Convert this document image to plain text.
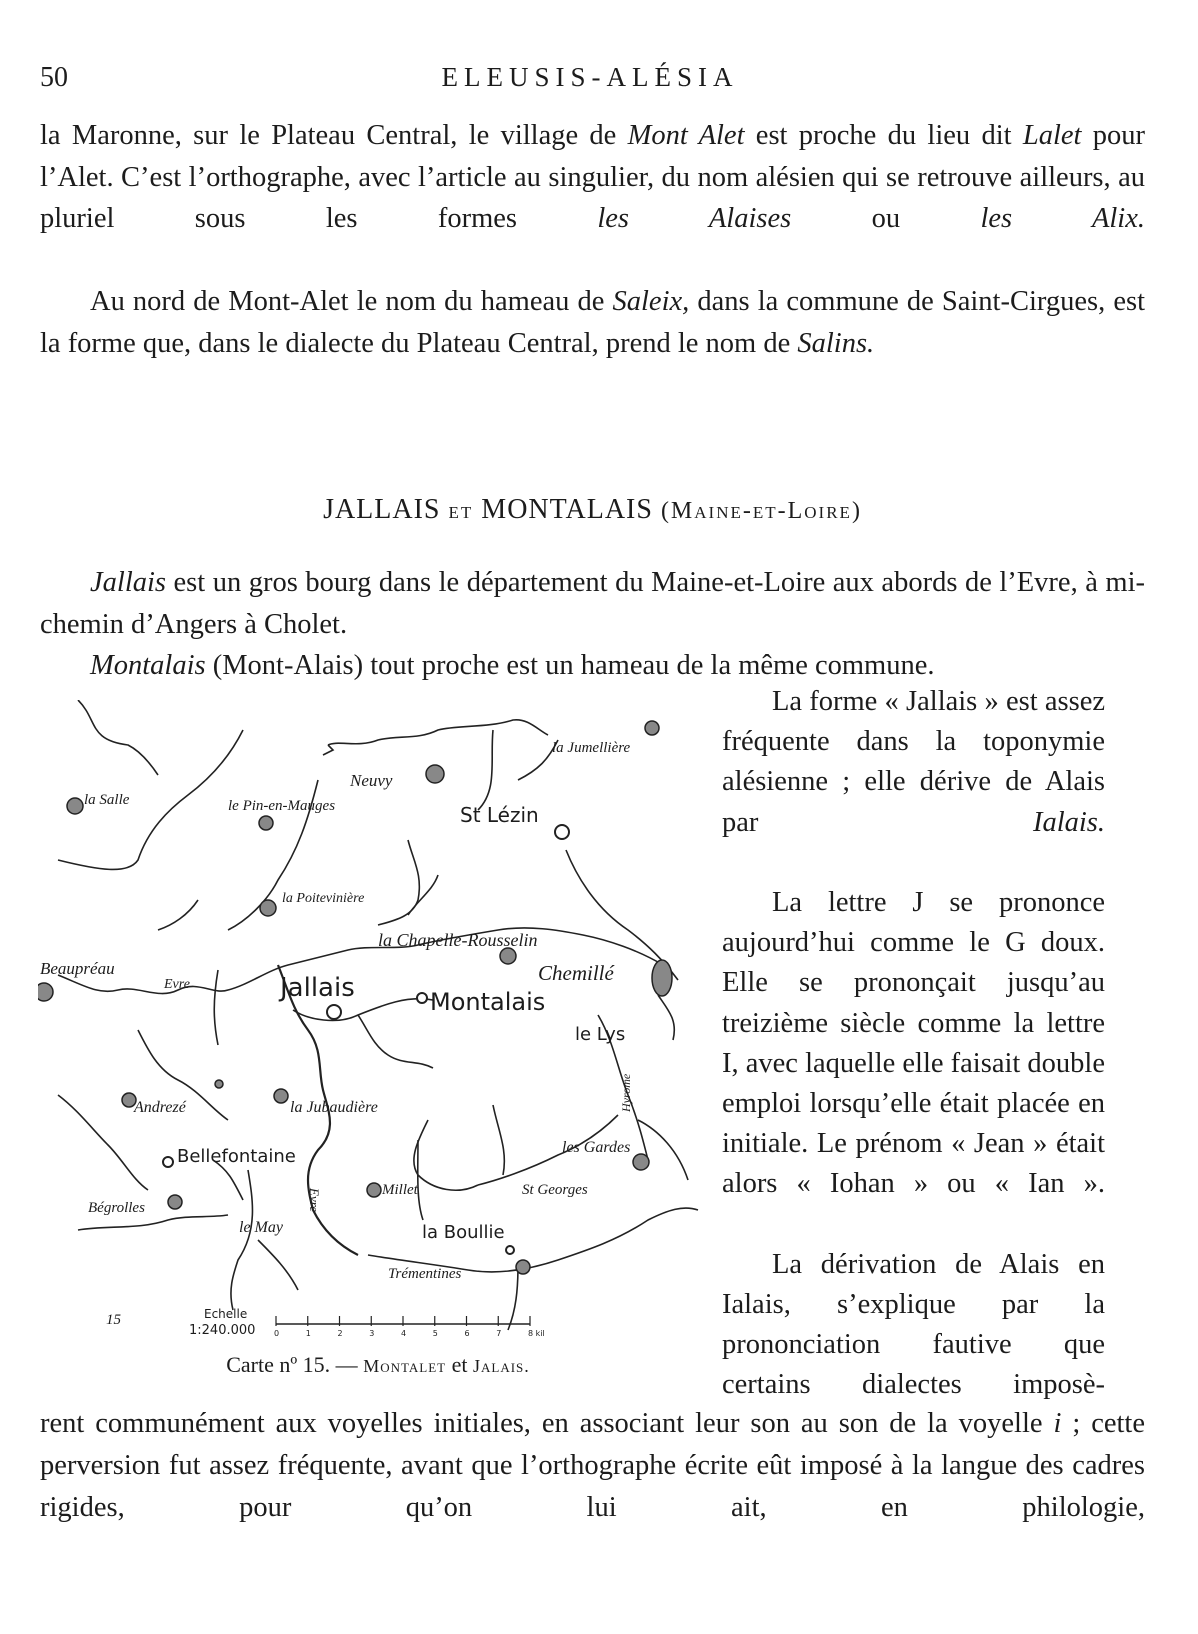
50	ELEUSIS-ALÉSIA

la Maronne, sur le Plateau Central, le village de Mont Alet est proche du lieu dit Lalet pour l’Alet. C’est l’orthographe, avec l’article au singulier, du nom alésien qui se retrouve ailleurs, au pluriel sous les formes les Alaises ou les Alix.

Au nord de Mont-Alet le nom du hameau de Saleix, dans la commune de Saint-Cirgues, est la forme que, dans le dialecte du Plateau Central, prend le nom de Salins.

JALLAIS et MONTALAIS (Maine-et-Loire)

Jallais est un gros bourg dans le département du Maine-et-Loire aux abords de l’Evre, à mi-chemin d’Angers à Cholet.

Montalais (Mont-Alais) tout proche est un hameau de la même commune.

la Jumellière
Neuvy
la Salle	le Pin-en-Mauges	St Lézin
la Poitevinière
la Chapelle-Rousselin
Chemillé
Beaupréau
Evre	Jallais	Montalais
le Lys
Hyrome
Andrezé	la Jubaudière
Bellefontaine	les Gardes
St Georges
Bégrolles
Millet
le May
Evre
la Boullie
Trémentines
15	Echelle
1:240.000 0	1	2	3	4	5	6	7	8 kil
Carte nº 15. — Montalet et Jalais.

La forme « Jallais » est assez fréquente dans la toponymie alésienne ; elle dérive de Alais par Ialais.

La lettre J se prononce aujourd’hui comme le G doux. Elle se prononçait jusqu’au treizième siècle comme la lettre I, avec laquelle elle faisait double emploi lorsqu’elle était placée en initiale. Le prénom « Jean » était alors « Iohan » ou « Ian ».

La dérivation de Alais en Ialais, s’explique par la prononciation fautive que certains dialectes imposè-

rent communément aux voyelles initiales, en associant leur son au son de la voyelle i ; cette perversion fut assez fréquente, avant que l’orthographe écrite eût imposé à la langue des cadres rigides, pour qu’on lui ait, en philologie,
